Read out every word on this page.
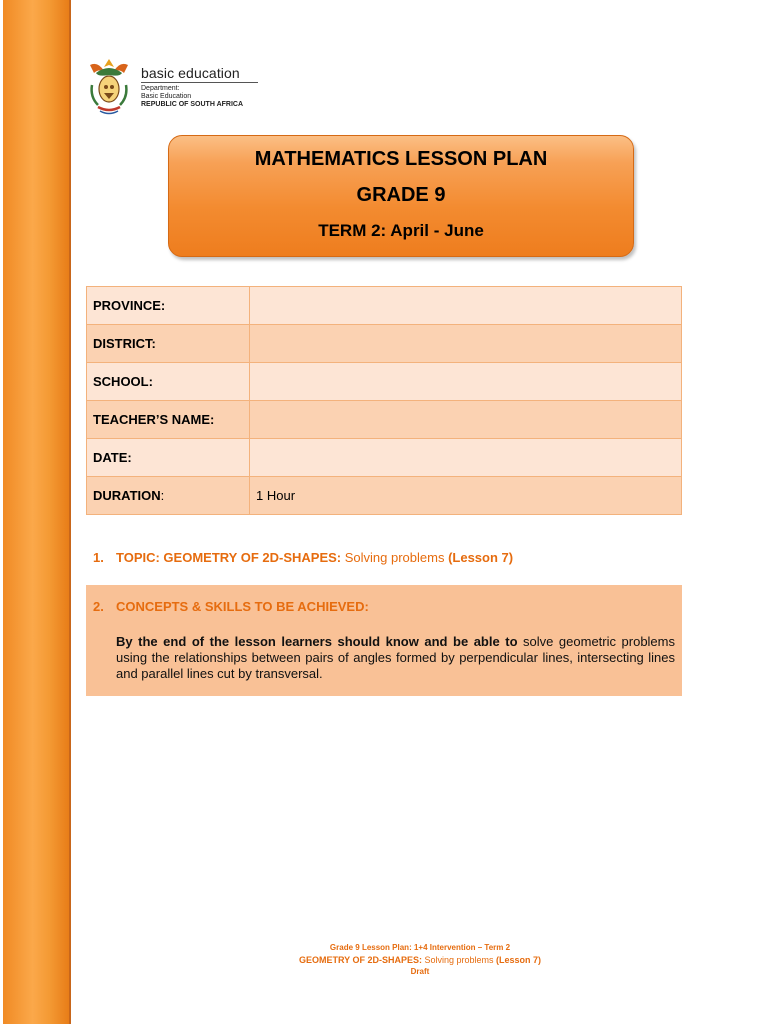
basic education
Department:
Basic Education
REPUBLIC OF SOUTH AFRICA
MATHEMATICS LESSON PLAN
GRADE 9
TERM 2: April - June
PROVINCE:	
DISTRICT:	
SCHOOL:	
TEACHER’S NAME:	
DATE:	
DURATION:	1 Hour
1. TOPIC: GEOMETRY OF 2D-SHAPES: Solving problems (Lesson 7)
2. CONCEPTS & SKILLS TO BE ACHIEVED:
By the end of the lesson learners should know and be able to solve geometric problems using the relationships between pairs of angles formed by perpendicular lines, intersecting lines and parallel lines cut by transversal.
Grade 9 Lesson Plan: 1+4 Intervention – Term 2
GEOMETRY OF 2D-SHAPES: Solving problems (Lesson 7)
Draft
